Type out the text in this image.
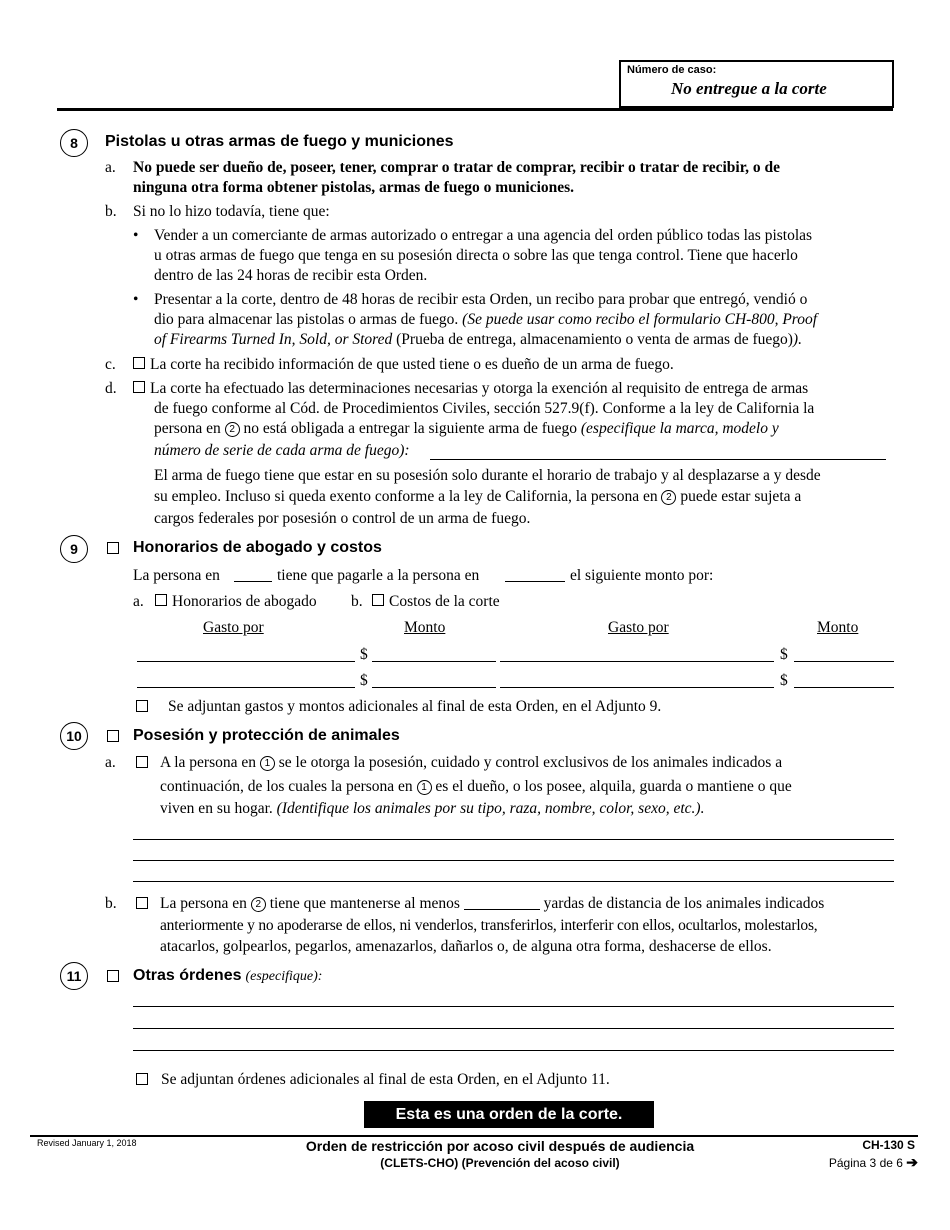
Número de caso:
No entregue a la corte
8	Pistolas u otras armas de fuego y municiones
a. No puede ser dueño de, poseer, tener, comprar o tratar de comprar, recibir o tratar de recibir, o de
ninguna otra forma obtener pistolas, armas de fuego o municiones.
b. Si no lo hizo todavía, tiene que:
• Vender a un comerciante de armas autorizado o entregar a una agencia del orden público todas las pistolas
u otras armas de fuego que tenga en su posesión directa o sobre las que tenga control. Tiene que hacerlo
dentro de las 24 horas de recibir esta Orden.
• Presentar a la corte, dentro de 48 horas de recibir esta Orden, un recibo para probar que entregó, vendió o
dio para almacenar las pistolas o armas de fuego. (Se puede usar como recibo el formulario CH-800, Proof
of Firearms Turned In, Sold, or Stored (Prueba de entrega, almacenamiento o venta de armas de fuego)).
c.	La corte ha recibido información de que usted tiene o es dueño de un arma de fuego.
d.	La corte ha efectuado las determinaciones necesarias y otorga la exención al requisito de entrega de armas
de fuego conforme al Cód. de Procedimientos Civiles, sección 527.9(f). Conforme a la ley de California la
persona en 2 no está obligada a entregar la siguiente arma de fuego (especifique la marca, modelo y
número de serie de cada arma de fuego):
El arma de fuego tiene que estar en su posesión solo durante el horario de trabajo y al desplazarse a y desde
su empleo. Incluso si queda exento conforme a la ley de California, la persona en 2 puede estar sujeta a
cargos federales por posesión o control de un arma de fuego.
9	Honorarios de abogado y costos
La persona en	tiene que pagarle a la persona en	el siguiente monto por:
a.	Honorarios de abogado b.	Costos de la corte
Gasto por	Monto	Gasto por	Monto
$	$
$	$
Se adjuntan gastos y montos adicionales al final de esta Orden, en el Adjunto 9.
10	Posesión y protección de animales
a.	A la persona en 1 se le otorga la posesión, cuidado y control exclusivos de los animales indicados a
continuación, de los cuales la persona en 1 es el dueño, o los posee, alquila, guarda o mantiene o que
viven en su hogar. (Identifique los animales por su tipo, raza, nombre, color, sexo, etc.).
b.	La persona en 2 tiene que mantenerse al menos	yardas de distancia de los animales indicados
anteriormente y no apoderarse de ellos, ni venderlos, transferirlos, interferir con ellos, ocultarlos, molestarlos,
atacarlos, golpearlos, pegarlos, amenazarlos, dañarlos o, de alguna otra forma, deshacerse de ellos.
11	Otras órdenes (especifique):
Se adjuntan órdenes adicionales al final de esta Orden, en el Adjunto 11.
Esta es una orden de la corte.
Revised January 1, 2018	Orden de restricción por acoso civil después de audiencia
(CLETS-CHO) (Prevención del acoso civil)
CH-130 S
Página 3 de 6 ➔
